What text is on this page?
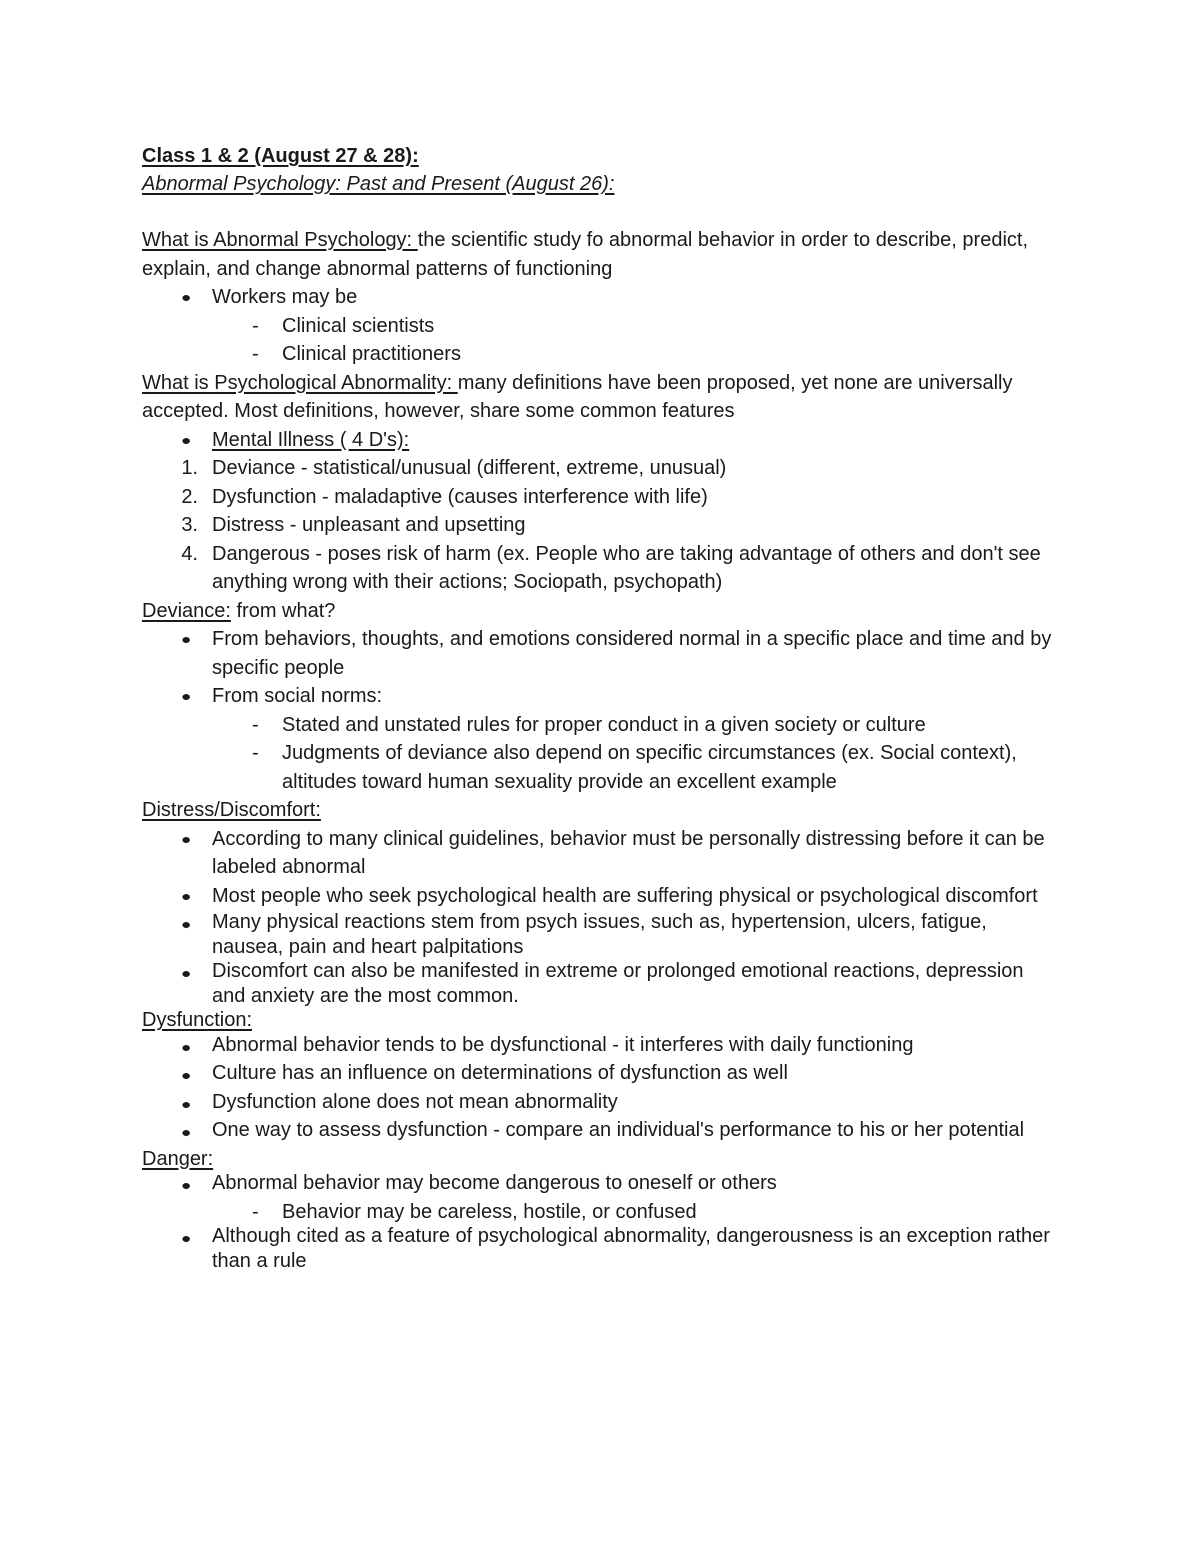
Class 1 & 2 (August 27 & 28):
Abnormal Psychology: Past and Present (August 26):
What is Abnormal Psychology: the scientific study fo abnormal behavior in order to describe, predict, explain, and change abnormal patterns of functioning
●
Workers may be
-	Clinical scientists
-	Clinical practitioners
What is Psychological Abnormality: many definitions have been proposed, yet none are universally accepted. Most definitions, however, share some common features
●
Mental Illness ( 4 D's):
1. Deviance - statistical/unusual (different, extreme, unusual)
2. Dysfunction - maladaptive (causes interference with life)
3. Distress - unpleasant and upsetting
4. Dangerous - poses risk of harm (ex. People who are taking advantage of others and don't see anything wrong with their actions; Sociopath, psychopath)
Deviance: from what?
●
From behaviors, thoughts, and emotions considered normal in a specific place and time and by specific people
●
From social norms:
-	Stated and unstated rules for proper conduct in a given society or culture
-	Judgments of deviance also depend on specific circumstances (ex. Social context), altitudes toward human sexuality provide an excellent example
Distress/Discomfort:
●
According to many clinical guidelines, behavior must be personally distressing before it can be labeled abnormal
●
Most people who seek psychological health are suffering physical or psychological discomfort
●
Many physical reactions stem from psych issues, such as, hypertension, ulcers, fatigue, nausea, pain and heart palpitations
●
Discomfort can also be manifested in extreme or prolonged emotional reactions, depression and anxiety are the most common.
Dysfunction:
●
Abnormal behavior tends to be dysfunctional - it interferes with daily functioning
●
Culture has an influence on determinations of dysfunction as well
●
Dysfunction alone does not mean abnormality
●
One way to assess dysfunction - compare an individual's performance to his or her potential
Danger:
●
Abnormal behavior may become dangerous to oneself or others
-	Behavior may be careless, hostile, or confused
●
Although cited as a feature of psychological abnormality, dangerousness is an exception rather than a rule
